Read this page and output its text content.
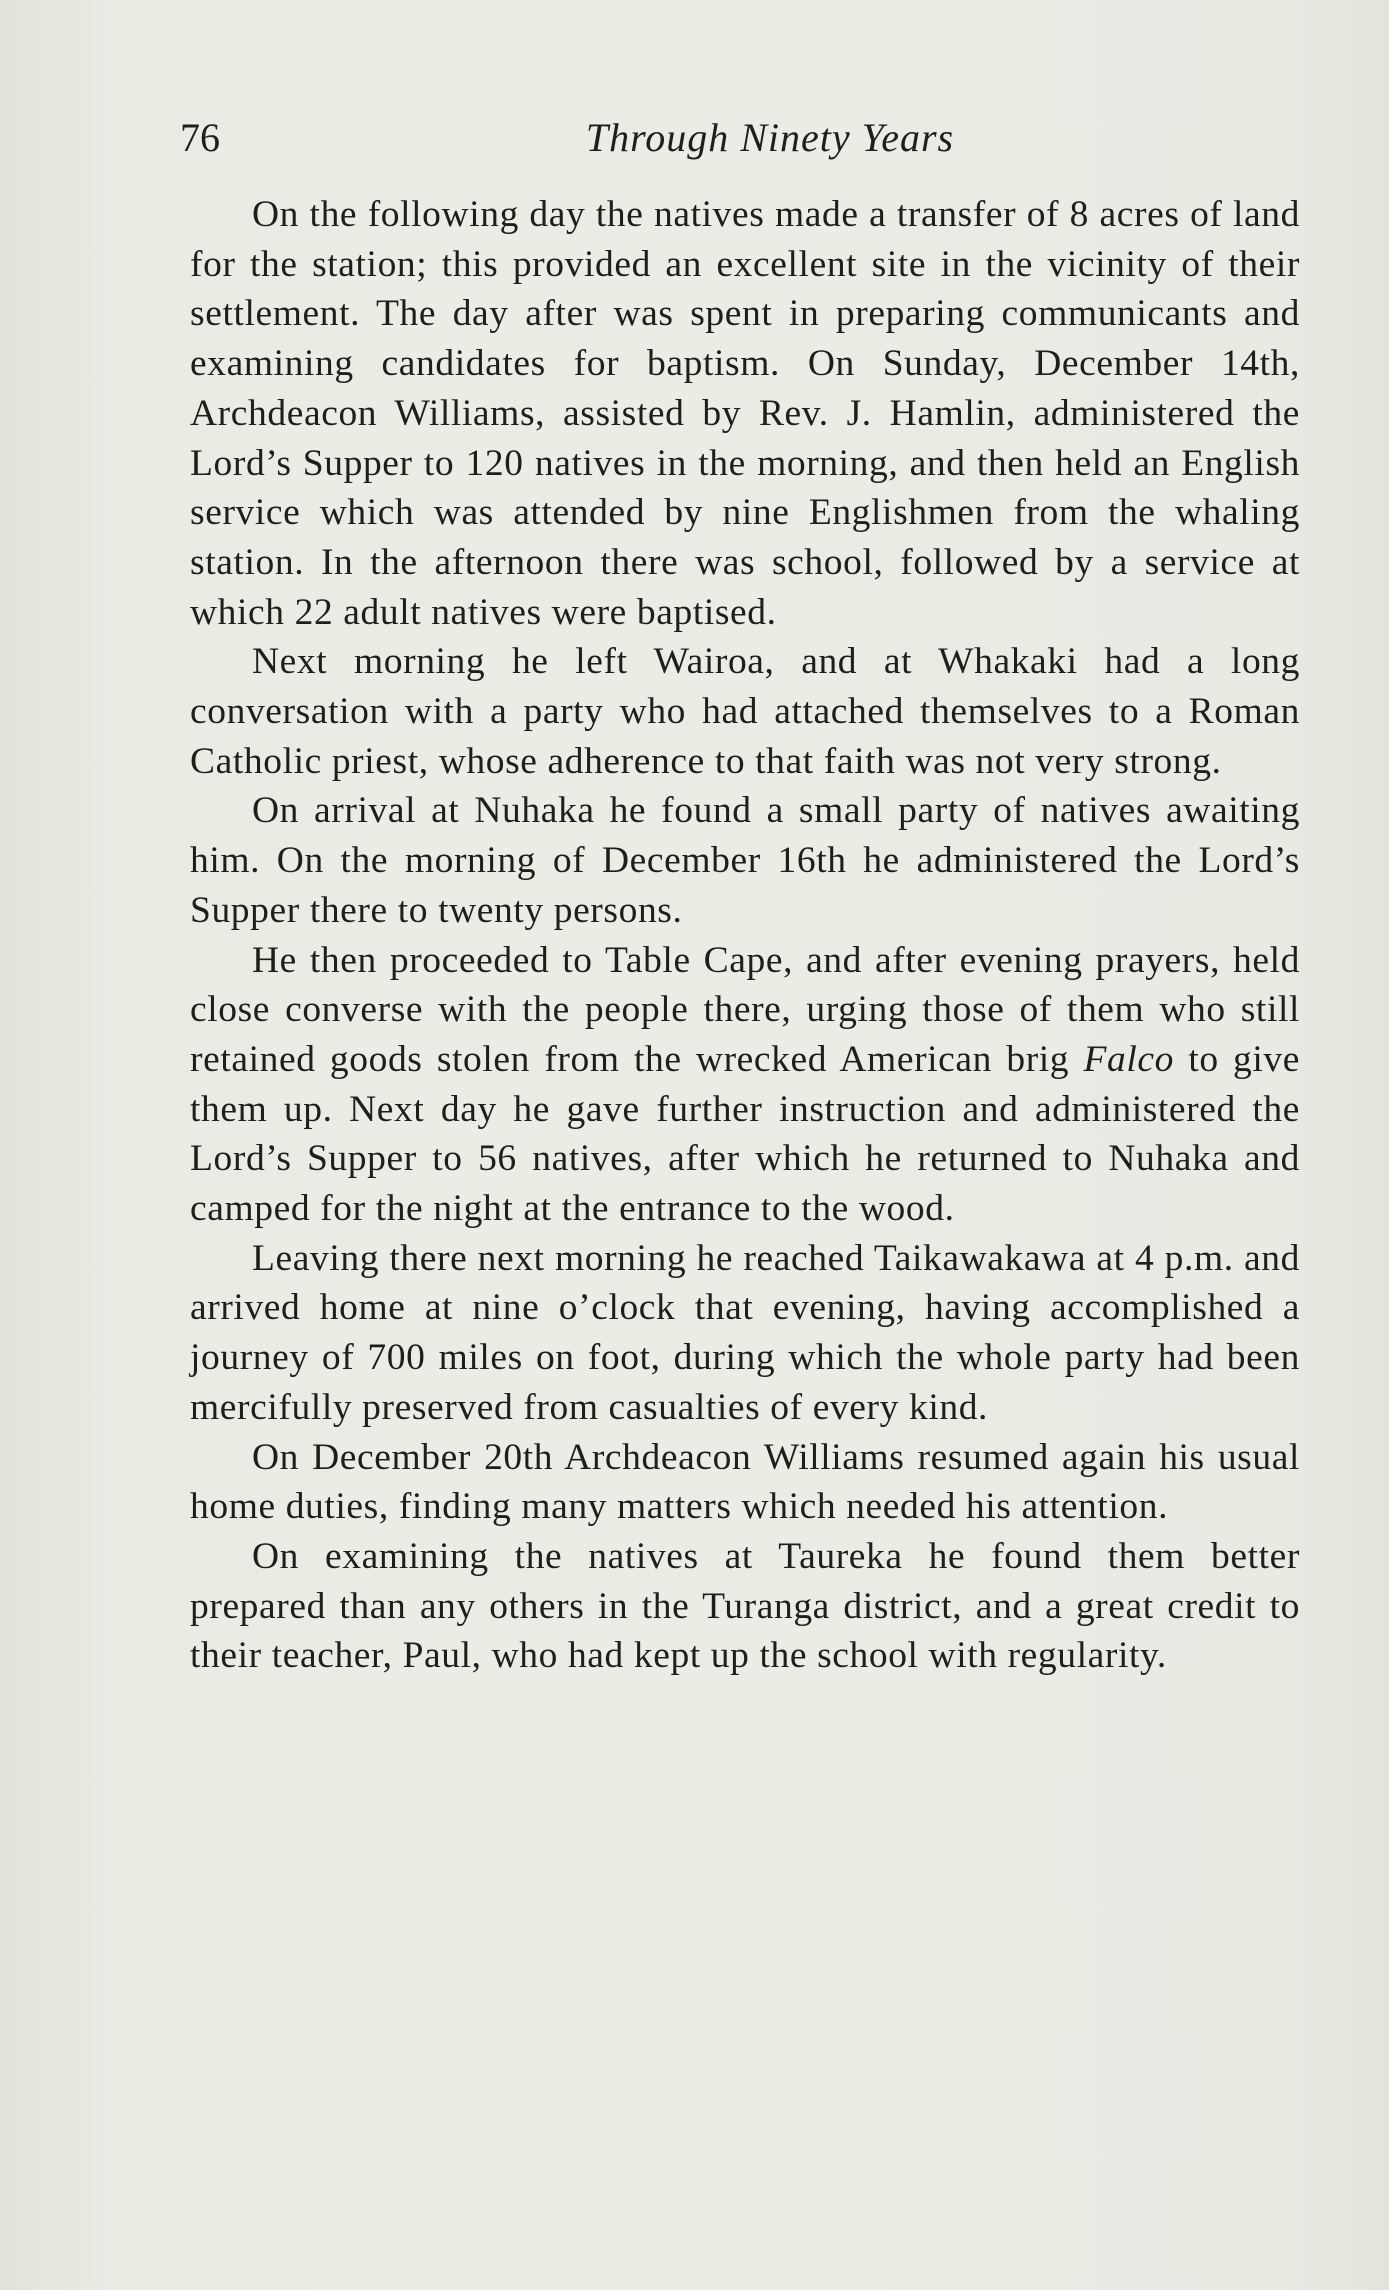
76	Through Ninety Years

On the following day the natives made a transfer of 8 acres of land for the station; this provided an excellent site in the vicinity of their settlement. The day after was spent in preparing communicants and examining candidates for baptism. On Sunday, December 14th, Archdeacon Williams, assisted by Rev. J. Hamlin, administered the Lord’s Supper to 120 natives in the morning, and then held an English service which was attended by nine Englishmen from the whaling station. In the afternoon there was school, followed by a service at which 22 adult natives were baptised.

Next morning he left Wairoa, and at Whakaki had a long conversation with a party who had attached themselves to a Roman Catholic priest, whose adherence to that faith was not very strong.

On arrival at Nuhaka he found a small party of natives awaiting him. On the morning of December 16th he administered the Lord’s Supper there to twenty persons.

He then proceeded to Table Cape, and after evening prayers, held close converse with the people there, urging those of them who still retained goods stolen from the wrecked American brig Falco to give them up. Next day he gave further instruction and administered the Lord’s Supper to 56 natives, after which he returned to Nuhaka and camped for the night at the entrance to the wood.

Leaving there next morning he reached Taikawakawa at 4 p.m. and arrived home at nine o’clock that evening, having accomplished a journey of 700 miles on foot, during which the whole party had been mercifully preserved from casualties of every kind.

On December 20th Archdeacon Williams resumed again his usual home duties, finding many matters which needed his attention.

On examining the natives at Taureka he found them better prepared than any others in the Turanga district, and a great credit to their teacher, Paul, who had kept up the school with regularity.
